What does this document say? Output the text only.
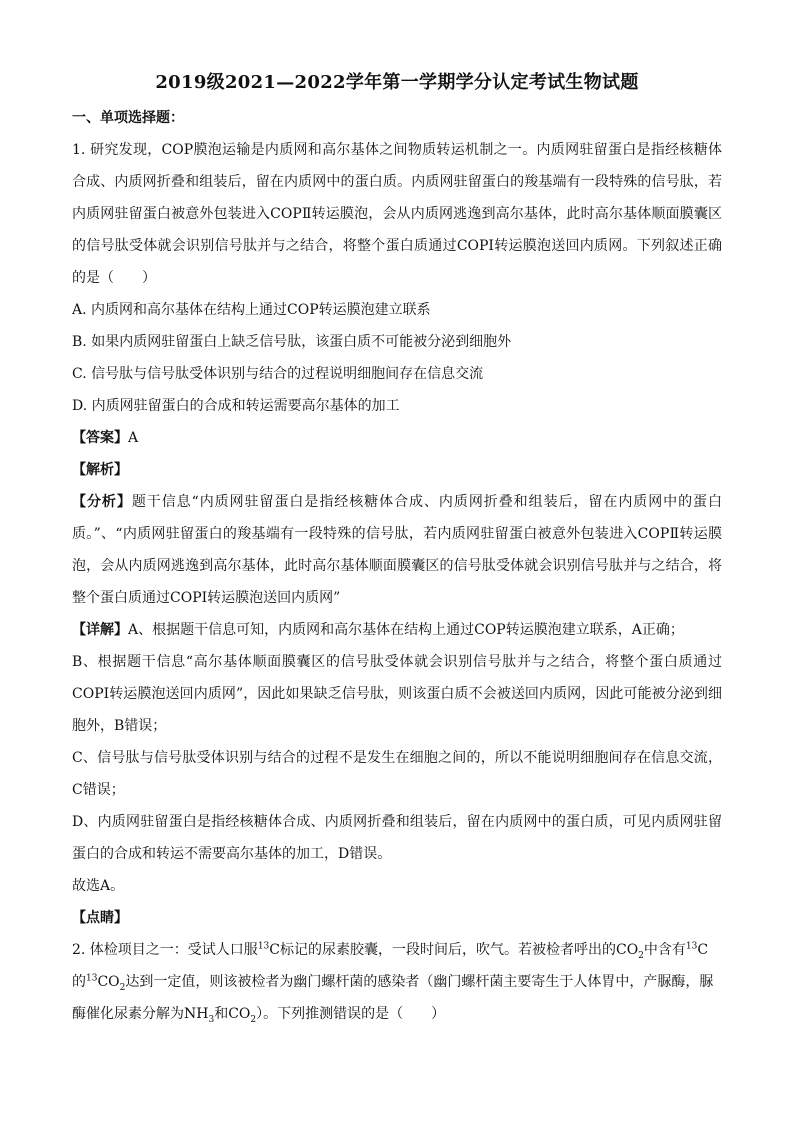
2019级2021—2022学年第一学期学分认定考试生物试题
一、单项选择题：
1. 研究发现，COP膜泡运输是内质网和高尔基体之间物质转运机制之一。内质网驻留蛋白是指经核糖体
合成、内质网折叠和组装后，留在内质网中的蛋白质。内质网驻留蛋白的羧基端有一段特殊的信号肽，若
内质网驻留蛋白被意外包装进入COPⅡ转运膜泡，会从内质网逃逸到高尔基体，此时高尔基体顺面膜囊区
的信号肽受体就会识别信号肽并与之结合，将整个蛋白质通过COPI转运膜泡送回内质网。下列叙述正确
的是（　　）
A. 内质网和高尔基体在结构上通过COP转运膜泡建立联系
B. 如果内质网驻留蛋白上缺乏信号肽，该蛋白质不可能被分泌到细胞外
C. 信号肽与信号肽受体识别与结合的过程说明细胞间存在信息交流
D. 内质网驻留蛋白的合成和转运需要高尔基体的加工
【答案】A
【解析】
【分析】题干信息“内质网驻留蛋白是指经核糖体合成、内质网折叠和组装后，留在内质网中的蛋白
质。”、“内质网驻留蛋白的羧基端有一段特殊的信号肽，若内质网驻留蛋白被意外包装进入COPⅡ转运膜
泡，会从内质网逃逸到高尔基体，此时高尔基体顺面膜囊区的信号肽受体就会识别信号肽并与之结合，将
整个蛋白质通过COPI转运膜泡送回内质网”
【详解】A、根据题干信息可知，内质网和高尔基体在结构上通过COP转运膜泡建立联系，A正确；
B、根据题干信息“高尔基体顺面膜囊区的信号肽受体就会识别信号肽并与之结合，将整个蛋白质通过
COPI转运膜泡送回内质网”，因此如果缺乏信号肽，则该蛋白质不会被送回内质网，因此可能被分泌到细
胞外，B错误；
C、信号肽与信号肽受体识别与结合的过程不是发生在细胞之间的，所以不能说明细胞间存在信息交流，
C错误；
D、内质网驻留蛋白是指经核糖体合成、内质网折叠和组装后，留在内质网中的蛋白质，可见内质网驻留
蛋白的合成和转运不需要高尔基体的加工，D错误。
故选A。
【点睛】
2. 体检项目之一：受试人口服$^{13}$C标记的尿素胶囊，一段时间后，吹气。若被检者呼出的$CO_2$中含有$^{13}$C
的$^{13}CO_2$达到一定值，则该被检者为幽门螺杆菌的感染者（幽门螺杆菌主要寄生于人体胃中，产脲酶，脲
酶催化尿素分解为$NH_3$和$CO_2$）。下列推测错误的是（　　）
